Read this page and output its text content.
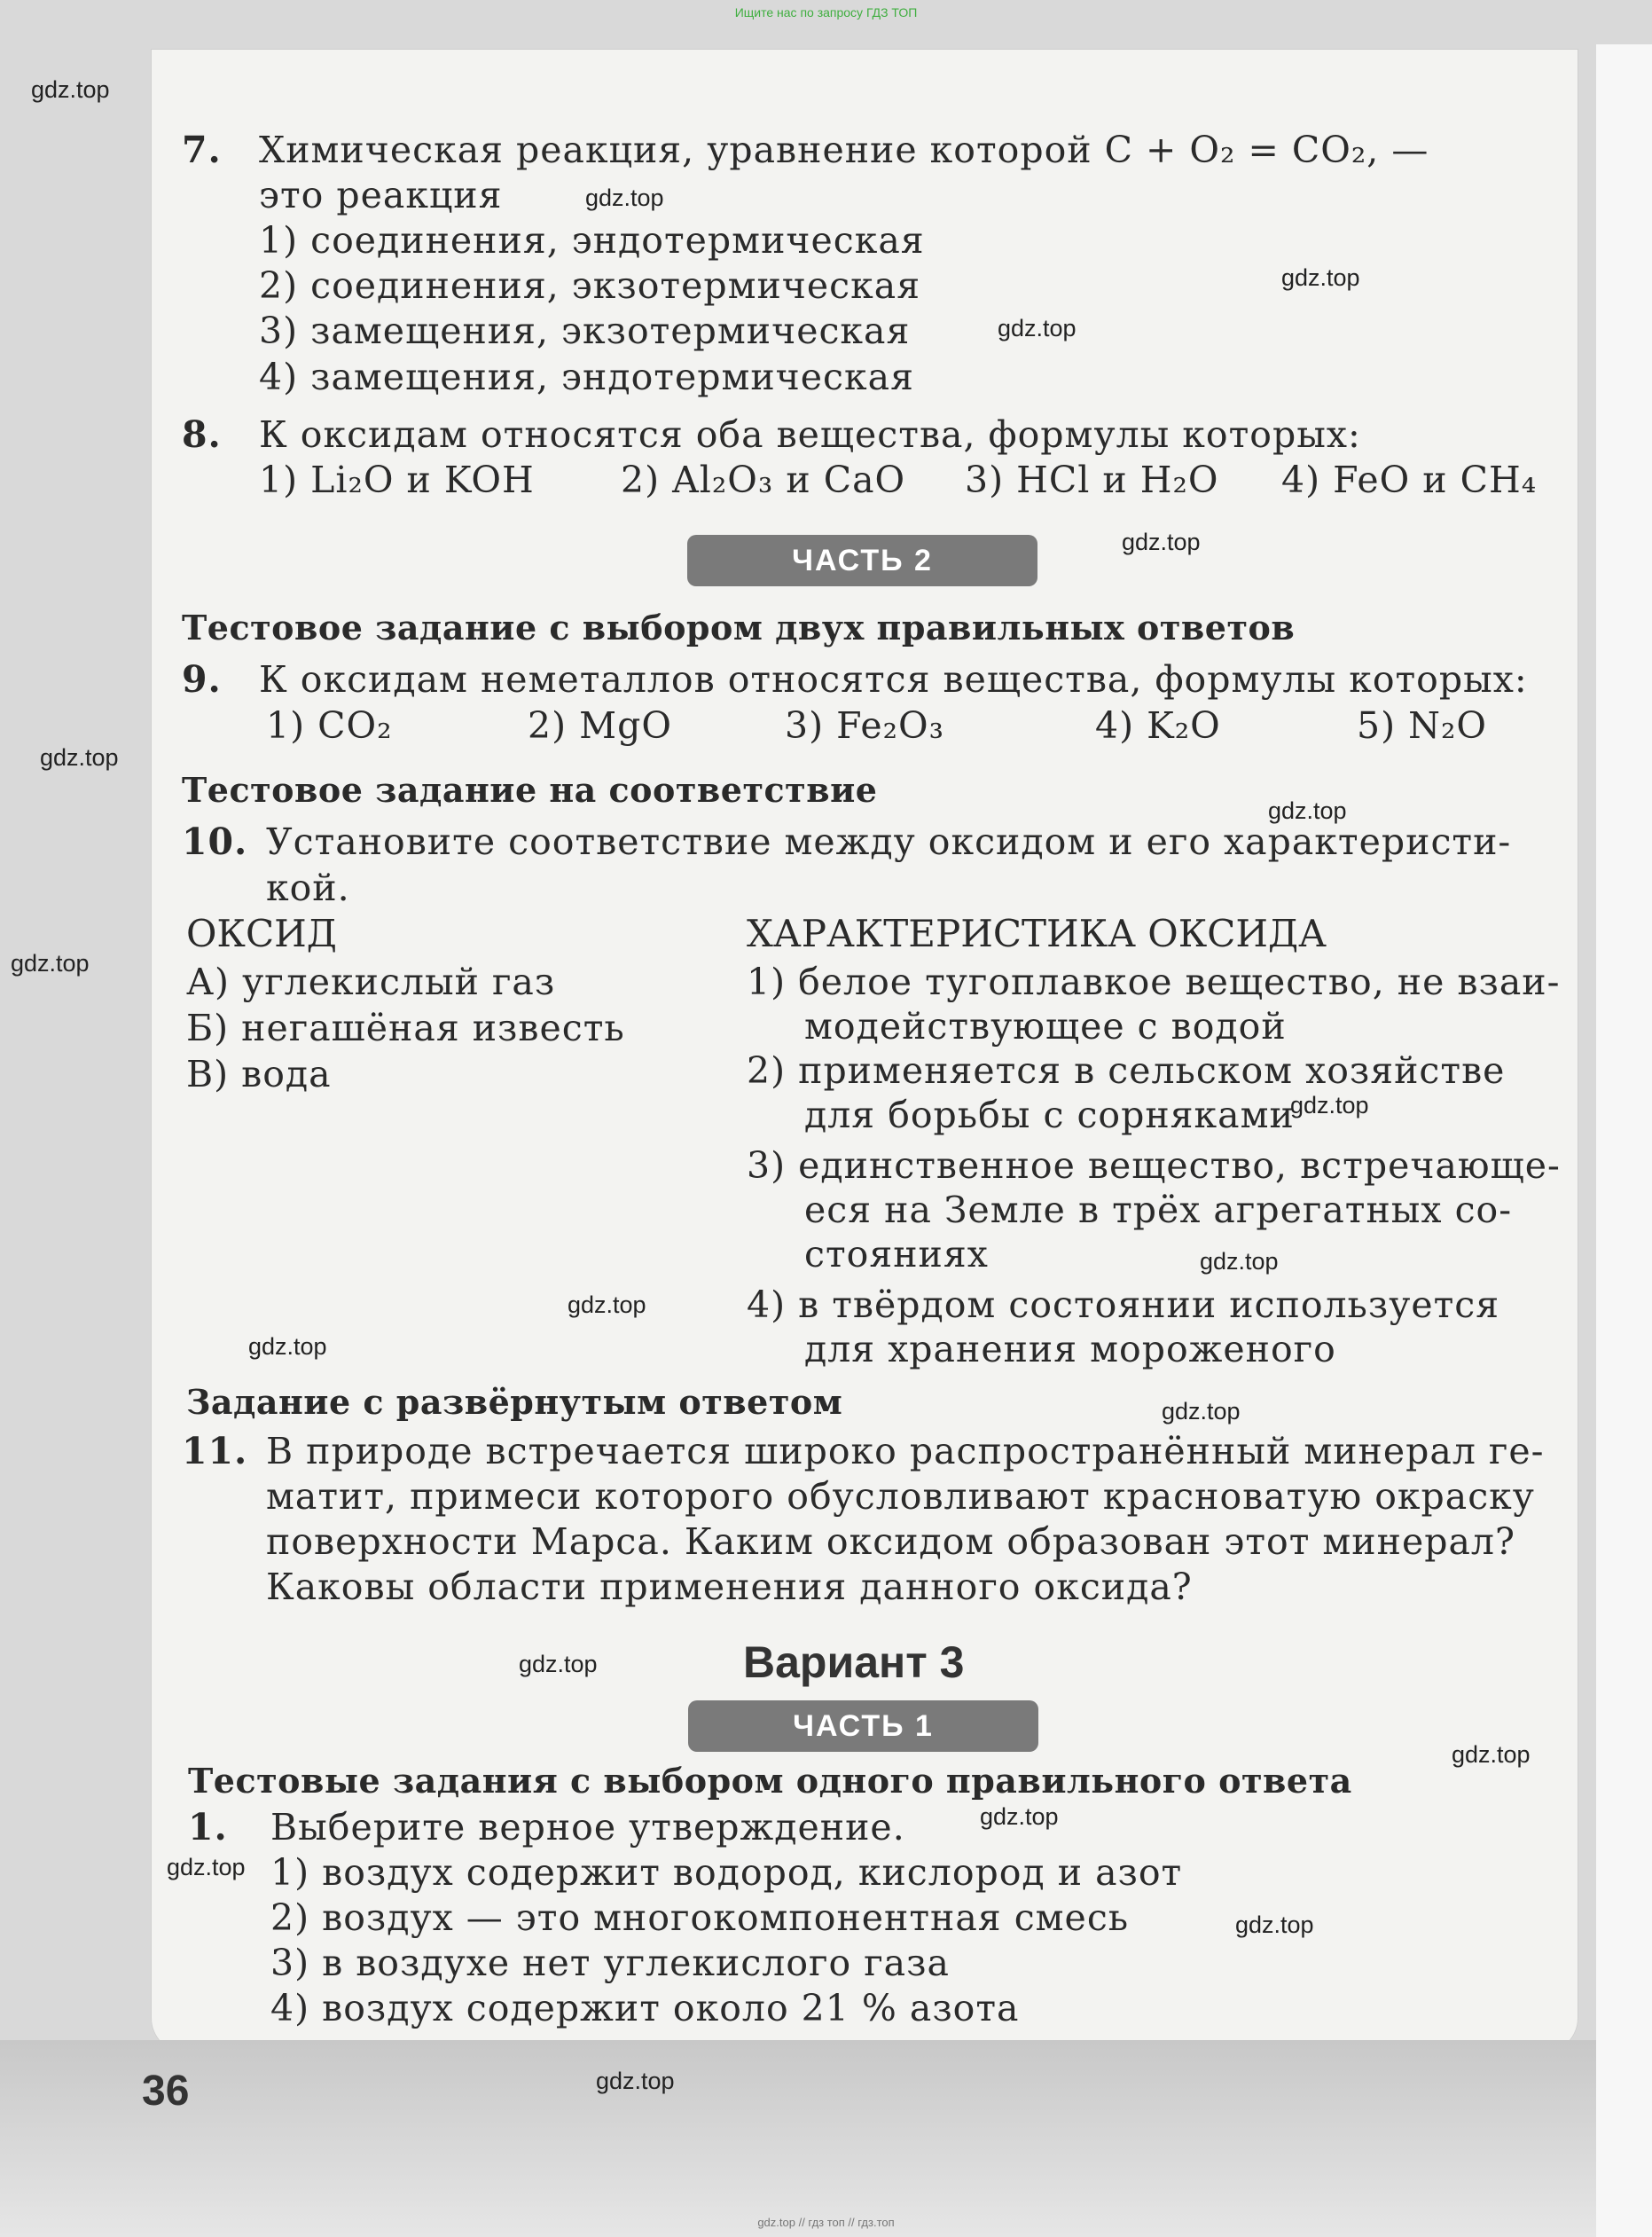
Ищите нас по запросу ГДЗ ТОП
7. Химическая реакция, уравнение которой C + O₂ = CO₂, —
это реакция
1) соединения, эндотермическая
2) соединения, экзотермическая
3) замещения, экзотермическая
4) замещения, эндотермическая
8. К оксидам относятся оба вещества, формулы которых:
1) Li₂O и KOH 2) Al₂O₃ и CaO 3) HCl и H₂O 4) FeO и CH₄
ЧАСТЬ 2
Тестовое задание с выбором двух правильных ответов
9. К оксидам неметаллов относятся вещества, формулы которых:
1) CO₂	2) MgO	3) Fe₂O₃	4) K₂O	5) N₂O
Тестовое задание на соответствие
10. Установите соответствие между оксидом и его характеристи-
кой.
ОКСИД	ХАРАКТЕРИСТИКА ОКСИДА
А) углекислый газ
Б) негашёная известь
В) вода
1) белое тугоплавкое вещество, не взаи-
модействующее с водой
2) применяется в сельском хозяйстве
для борьбы с сорняками
3) единственное вещество, встречающе-
еся на Земле в трёх агрегатных со-
стояниях
4) в твёрдом состоянии используется
для хранения мороженого
Задание с развёрнутым ответом
11. В природе встречается широко распространённый минерал ге-
матит, примеси которого обусловливают красноватую окраску
поверхности Марса. Каким оксидом образован этот минерал?
Каковы области применения данного оксида?
Вариант 3
ЧАСТЬ 1
Тестовые задания с выбором одного правильного ответа
1. Выберите верное утверждение.
1) воздух содержит водород, кислород и азот
2) воздух — это многокомпонентная смесь
3) в воздухе нет углекислого газа
4) воздух содержит около 21 % азота
36
gdz.top
gdz.top
gdz.top
gdz.top
gdz.top
gdz.top
gdz.top
gdz.top
gdz.top
gdz.top
gdz.top
gdz.top
gdz.top
gdz.top
gdz.top
gdz.top
gdz.top
gdz.top
gdz.top
gdz.top // гдз топ // гдз.топ
